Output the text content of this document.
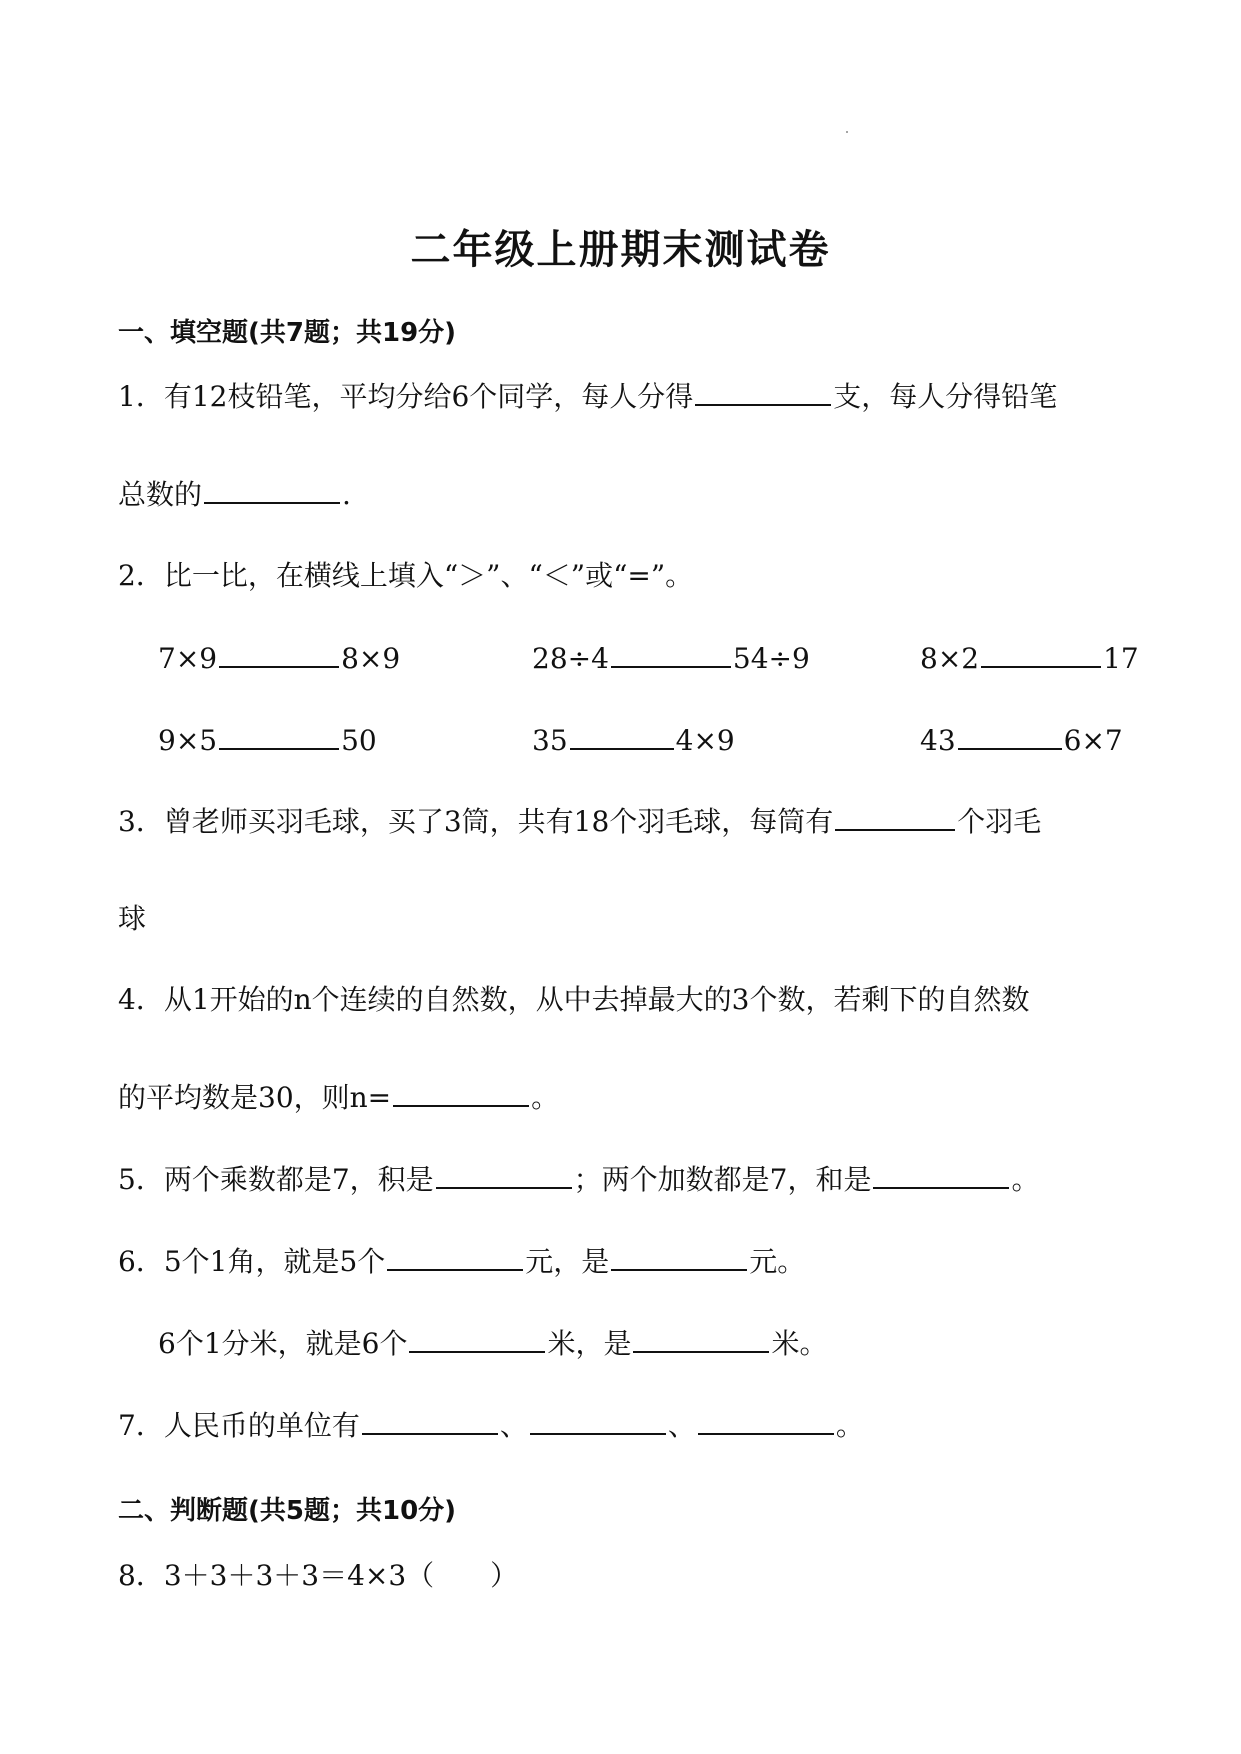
二年级上册期末测试卷
一、填空题(共7题；共19分)
1．有12枝铅笔，平均分给6个同学，每人分得	支，每人分得铅笔
总数的	.
2．比一比，在横线上填入“＞”、“＜”或“=”。
7×9	8×9	28÷4	54÷9	8×2	17
9×5	50	35	4×9	43	6×7
3．曾老师买羽毛球，买了3筒，共有18个羽毛球，每筒有	个羽毛
球
4．从1开始的n个连续的自然数，从中去掉最大的3个数，若剩下的自然数
的平均数是30，则n=	。
5．两个乘数都是7，积是	；两个加数都是7，和是	。
6．5个1角，就是5个	元，是	元。
6个1分米，就是6个	米，是	米。
7．人民币的单位有	、	、	。
二、判断题(共5题；共10分)
8．3＋3＋3＋3＝4×3（　　）
